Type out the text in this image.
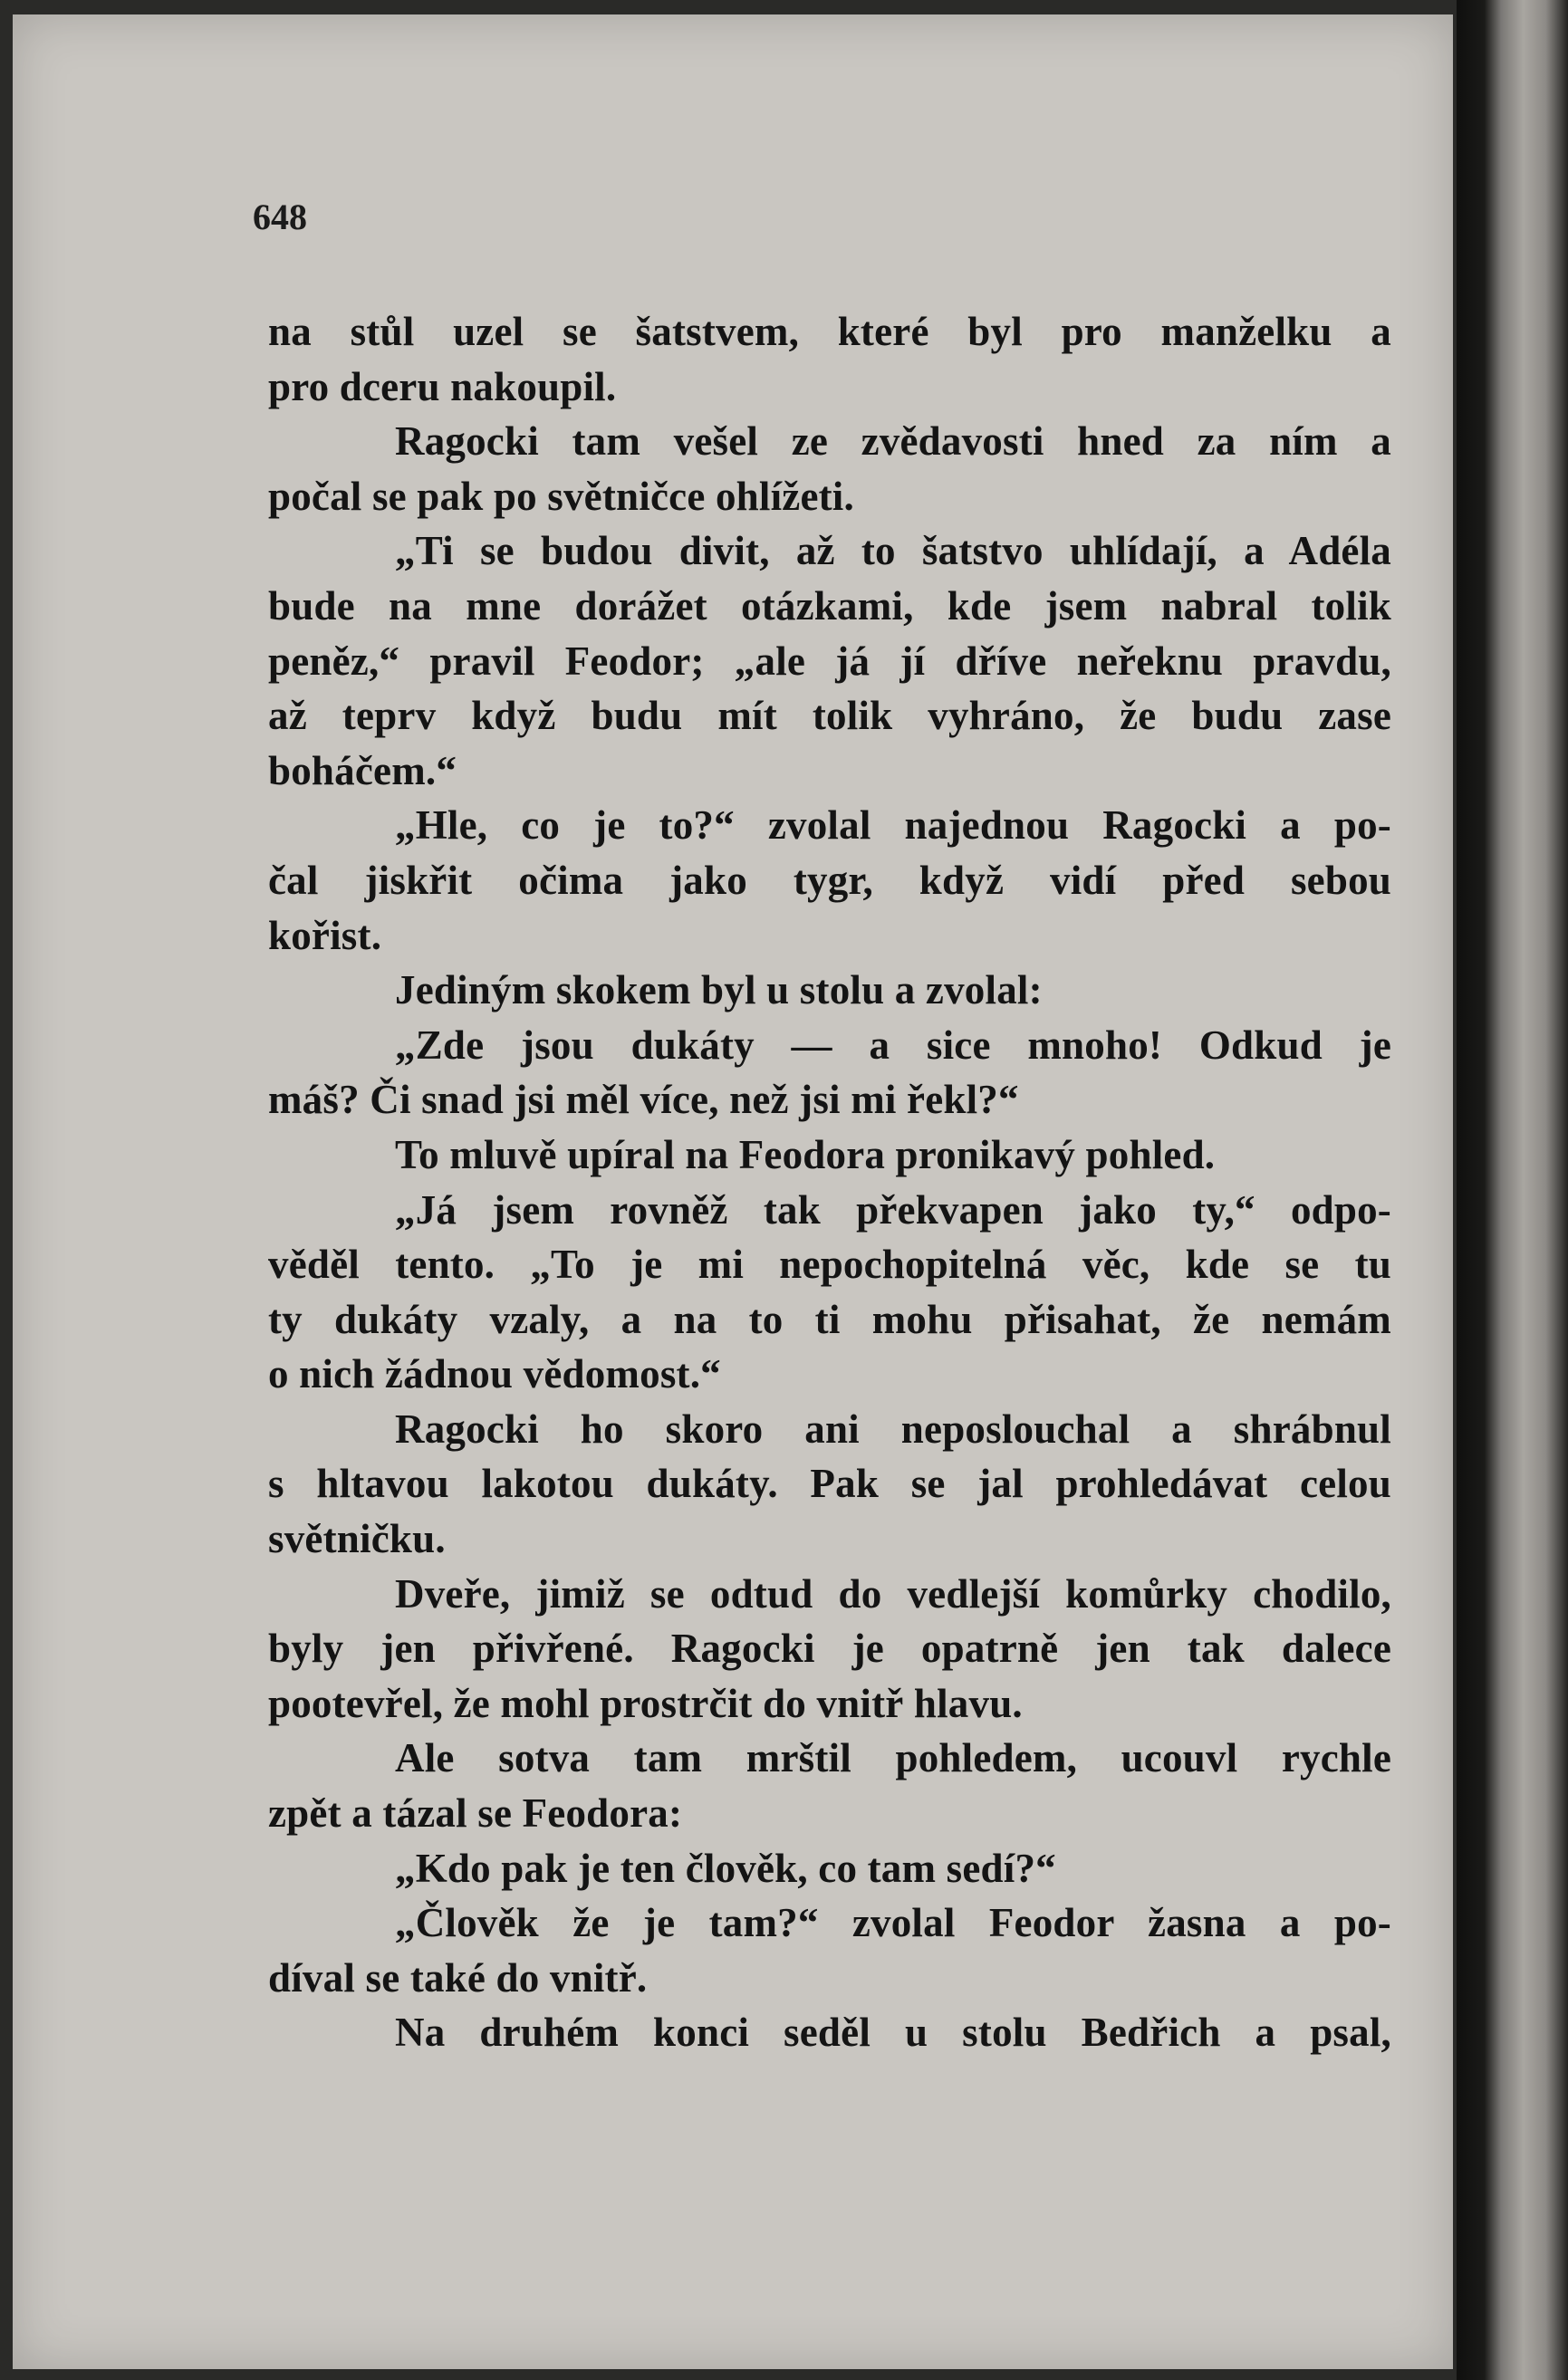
648
na stůl uzel se šatstvem, které byl pro manželku a
pro dceru nakoupil.
Ragocki tam vešel ze zvědavosti hned za ním a
počal se pak po světničce ohlížeti.
„Ti se budou divit, až to šatstvo uhlídají, a Adéla
bude na mne dorážet otázkami, kde jsem nabral tolik
peněz,“ pravil Feodor; „ale já jí dříve neřeknu pravdu,
až teprv když budu mít tolik vyhráno, že budu zase
boháčem.“
„Hle, co je to?“ zvolal najednou Ragocki a po-
čal jiskřit očima jako tygr, když vidí před sebou
kořist.
Jediným skokem byl u stolu a zvolal:
„Zde jsou dukáty — a sice mnoho! Odkud je
máš? Či snad jsi měl více, než jsi mi řekl?“
To mluvě upíral na Feodora pronikavý pohled.
„Já jsem rovněž tak překvapen jako ty,“ odpo-
věděl tento. „To je mi nepochopitelná věc, kde se tu
ty dukáty vzaly, a na to ti mohu přisahat, že nemám
o nich žádnou vědomost.“
Ragocki ho skoro ani neposlouchal a shrábnul
s hltavou lakotou dukáty. Pak se jal prohledávat celou
světničku.
Dveře, jimiž se odtud do vedlejší komůrky chodilo,
byly jen přivřené. Ragocki je opatrně jen tak dalece
pootevřel, že mohl prostrčit do vnitř hlavu.
Ale sotva tam mrštil pohledem, ucouvl rychle
zpět a tázal se Feodora:
„Kdo pak je ten člověk, co tam sedí?“
„Člověk že je tam?“ zvolal Feodor žasna a po-
díval se také do vnitř.
Na druhém konci seděl u stolu Bedřich a psal,
